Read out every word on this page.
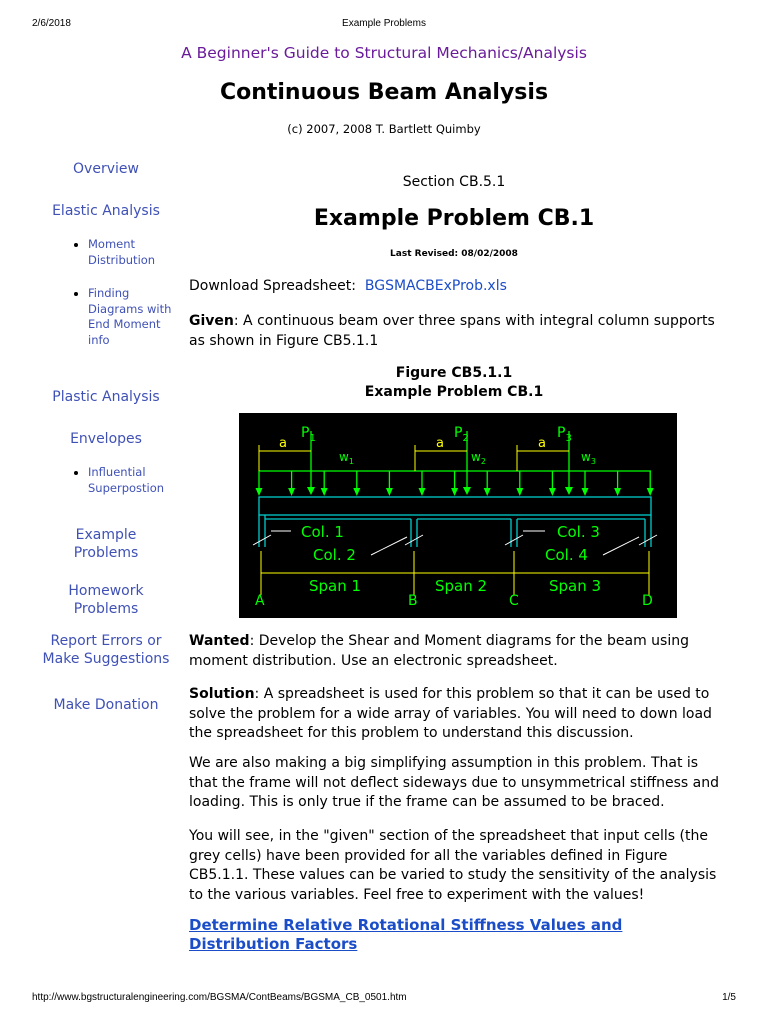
2/6/2018	Example Problems
A Beginner's Guide to Structural Mechanics/Analysis
Continuous Beam Analysis
(c) 2007, 2008 T. Bartlett Quimby
Overview
Elastic Analysis
Moment Distribution
Finding Diagrams with End Moment info
Plastic Analysis
Envelopes
Influential Superpostion
Example Problems
Homework Problems
Report Errors or Make Suggestions
Make Donation
Section CB.5.1
Example Problem CB.1
Last Revised: 08/02/2008

Download Spreadsheet: BGSMACBExProb.xls

Given: A continuous beam over three spans with integral column supports as shown in Figure CB5.1.1

Figure CB5.1.1
Example Problem CB.1
$P_1$	$P_2$	$P_3$
a	a	a
$w_1$	$w_2$	$w_3$
Col. 1
Col. 2
Col. 3
Col. 4
Span 1	Span 2	Span 3
A	B	C	D

Wanted: Develop the Shear and Moment diagrams for the beam using moment distribution. Use an electronic spreadsheet.

Solution: A spreadsheet is used for this problem so that it can be used to solve the problem for a wide array of variables. You will need to down load the spreadsheet for this problem to understand this discussion.

We are also making a big simplifying assumption in this problem. That is that the frame will not deflect sideways due to unsymmetrical stiffness and loading. This is only true if the frame can be assumed to be braced.

You will see, in the "given" section of the spreadsheet that input cells (the grey cells) have been provided for all the variables defined in Figure CB5.1.1. These values can be varied to study the sensitivity of the analysis to the various variables. Feel free to experiment with the values!

Determine Relative Rotational Stiffness Values and Distribution Factors
http://www.bgstructuralengineering.com/BGSMA/ContBeams/BGSMA_CB_0501.htm	1/5
